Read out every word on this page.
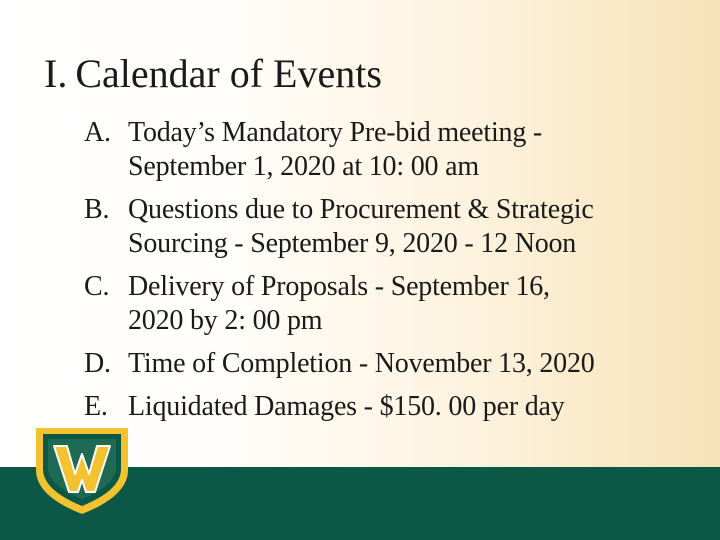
I. Calendar of Events
A. Today’s Mandatory Pre-bid meeting -
September 1, 2020 at 10: 00 am
B. Questions due to Procurement & Strategic
Sourcing - September 9, 2020 - 12 Noon
C. Delivery of Proposals - September 16,
2020 by 2: 00 pm
D. Time of Completion - November 13, 2020
E. Liquidated Damages - $150. 00 per day
